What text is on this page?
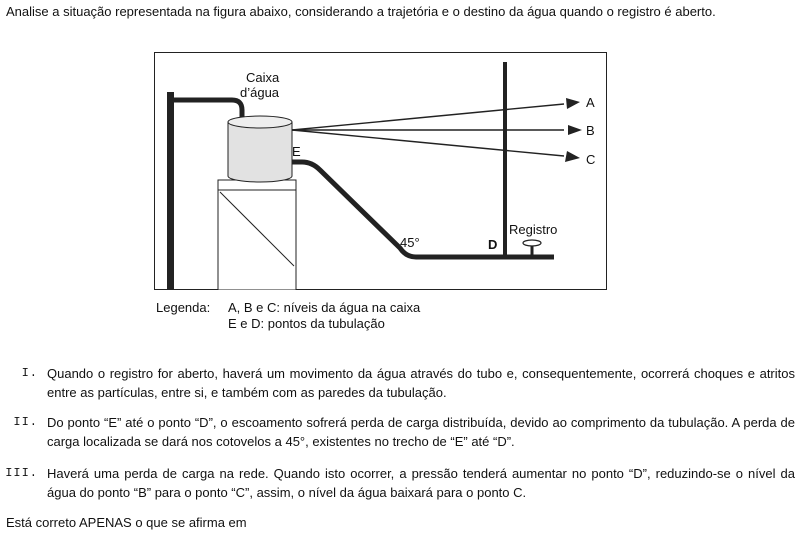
Analise a situação representada na figura abaixo, considerando a trajetória e o destino da água quando o registro é aberto.
Caixa
d’água
A
B
C
E
D
45°
Registro
Legenda:	A, B e C: níveis da água na caixa
E e D: pontos da tubulação
I. Quando o registro for aberto, haverá um movimento da água através do tubo e, consequentemente, ocorrerá choques e atritos entre as partículas, entre si, e também com as paredes da tubulação.
II. Do ponto “E” até o ponto “D”, o escoamento sofrerá perda de carga distribuída, devido ao comprimento da tubulação. A perda de carga localizada se dará nos cotovelos a 45°, existentes no trecho de “E” até “D”.
III. Haverá uma perda de carga na rede. Quando isto ocorrer, a pressão tenderá aumentar no ponto “D”, reduzindo-se o nível da água do ponto “B” para o ponto “C”, assim, o nível da água baixará para o ponto C.
Está correto APENAS o que se afirma em
